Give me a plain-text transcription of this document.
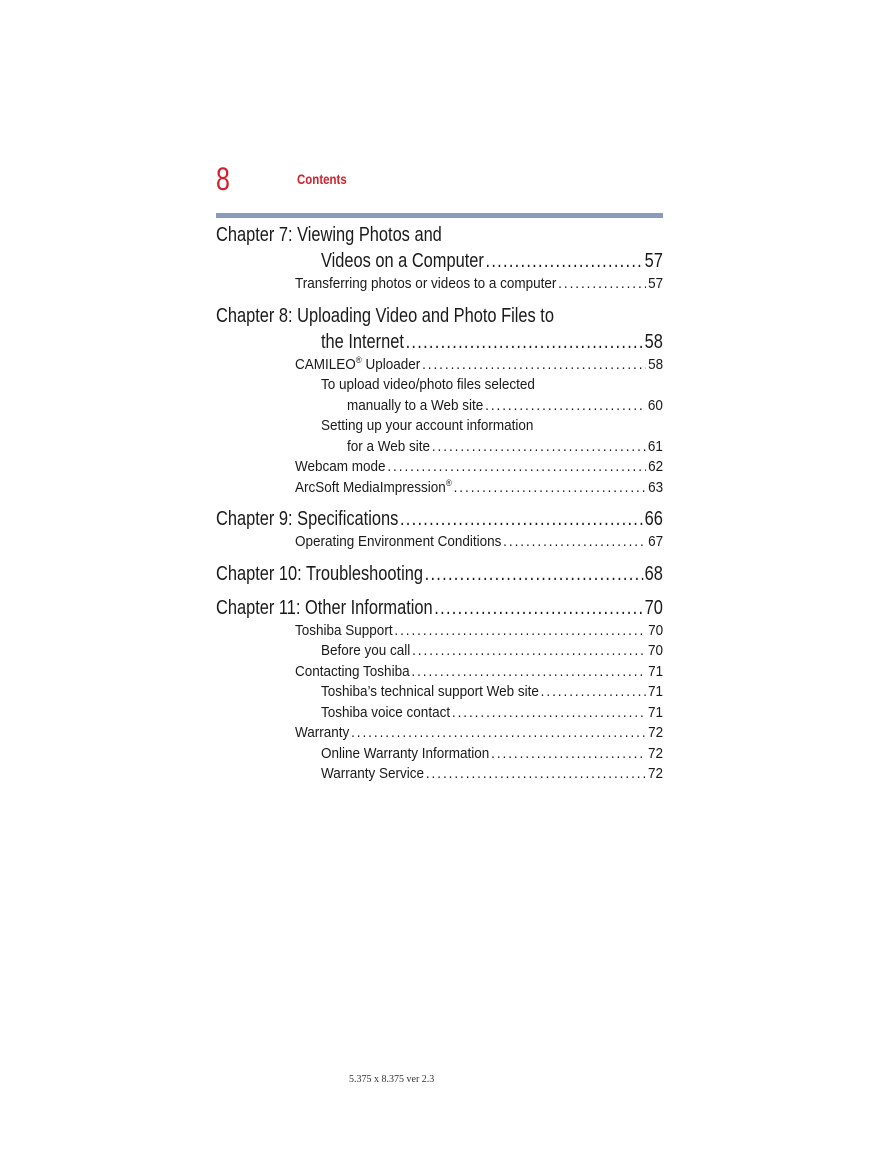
8	Contents
Chapter 7: Viewing Photos and
Videos on a Computer . . .	57
Transferring photos or videos to a computer . . .	57
Chapter 8: Uploading Video and Photo Files to
the Internet . . .	58
CAMILEO® Uploader . . .	58
To upload video/photo files selected
manually to a Web site . . .	60
Setting up your account information
for a Web site . . .	61
Webcam mode . . .	62
ArcSoft MediaImpression® . . .	63
Chapter 9: Specifications . . .	66
Operating Environment Conditions . . .	67
Chapter 10: Troubleshooting . . .	68
Chapter 11: Other Information . . .	70
Toshiba Support . . .	70
Before you call . . .	70
Contacting Toshiba . . .	71
Toshiba’s technical support Web site . . .	71
Toshiba voice contact . . .	71
Warranty . . .	72
Online Warranty Information . . .	72
Warranty Service . . .	72
5.375 x 8.375 ver 2.3
